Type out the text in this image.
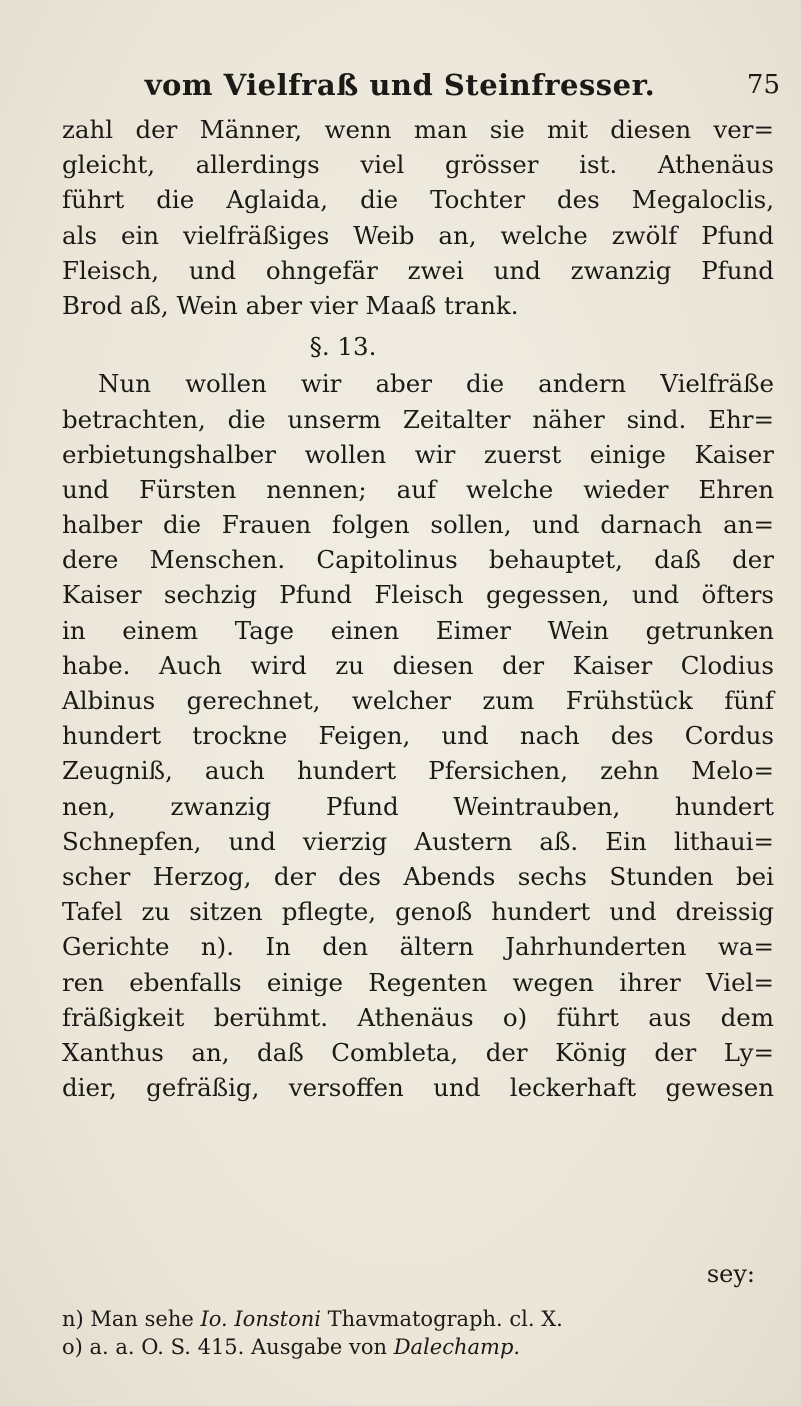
vom Vielfraß und Steinfresser.	75
zahl der Männer, wenn man sie mit diesen ver=
gleicht, allerdings viel grösser ist. Athenäus
führt die Aglaida, die Tochter des Megaloclis,
als ein vielfräßiges Weib an, welche zwölf Pfund
Fleisch, und ohngefär zwei und zwanzig Pfund
Brod aß, Wein aber vier Maaß trank.
§. 13.
Nun wollen wir aber die andern Vielfräße
betrachten, die unserm Zeitalter näher sind. Ehr=
erbietungshalber wollen wir zuerst einige Kaiser
und Fürsten nennen; auf welche wieder Ehren
halber die Frauen folgen sollen, und darnach an=
dere Menschen. Capitolinus behauptet, daß der
Kaiser sechzig Pfund Fleisch gegessen, und öfters
in einem Tage einen Eimer Wein getrunken
habe. Auch wird zu diesen der Kaiser Clodius
Albinus gerechnet, welcher zum Frühstück fünf
hundert trockne Feigen, und nach des Cordus
Zeugniß, auch hundert Pfersichen, zehn Melo=
nen, zwanzig Pfund Weintrauben, hundert
Schnepfen, und vierzig Austern aß. Ein lithaui=
scher Herzog, der des Abends sechs Stunden bei
Tafel zu sitzen pflegte, genoß hundert und dreissig
Gerichte n). In den ältern Jahrhunderten wa=
ren ebenfalls einige Regenten wegen ihrer Viel=
fräßigkeit berühmt. Athenäus o) führt aus dem
Xanthus an, daß Combleta, der König der Ly=
dier, gefräßig, versoffen und leckerhaft gewesen
sey:
n) Man sehe Io. Ionstoni Thavmatograph. cl. X.
o) a. a. O. S. 415. Ausgabe von Dalechamp.
